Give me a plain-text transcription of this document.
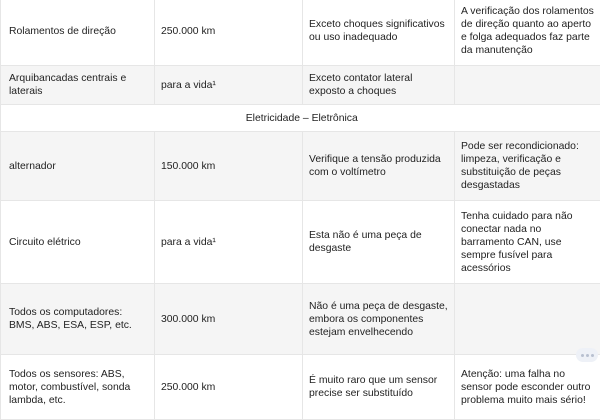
Rolamentos de direção	250.000 km	Exceto choques significativos ou uso inadequado	A verificação dos rolamentos de direção quanto ao aperto e folga adequados faz parte da manutenção
Arquibancadas centrais e laterais	para a vida¹	Exceto contator lateral exposto a choques	
Eletricidade – Eletrônica			
alternador	150.000 km	Verifique a tensão produzida com o voltímetro	Pode ser recondicionado: limpeza, verificação e substituição de peças desgastadas
Circuito elétrico	para a vida¹	Esta não é uma peça de desgaste	Tenha cuidado para não conectar nada no barramento CAN, use sempre fusível para acessórios
Todos os computadores: BMS, ABS, ESA, ESP, etc.	300.000 km	Não é uma peça de desgaste, embora os componentes estejam envelhecendo	
Todos os sensores: ABS, motor, combustível, sonda lambda, etc.	250.000 km	É muito raro que um sensor precise ser substituído	Atenção: uma falha no sensor pode esconder outro problema muito mais sério!
